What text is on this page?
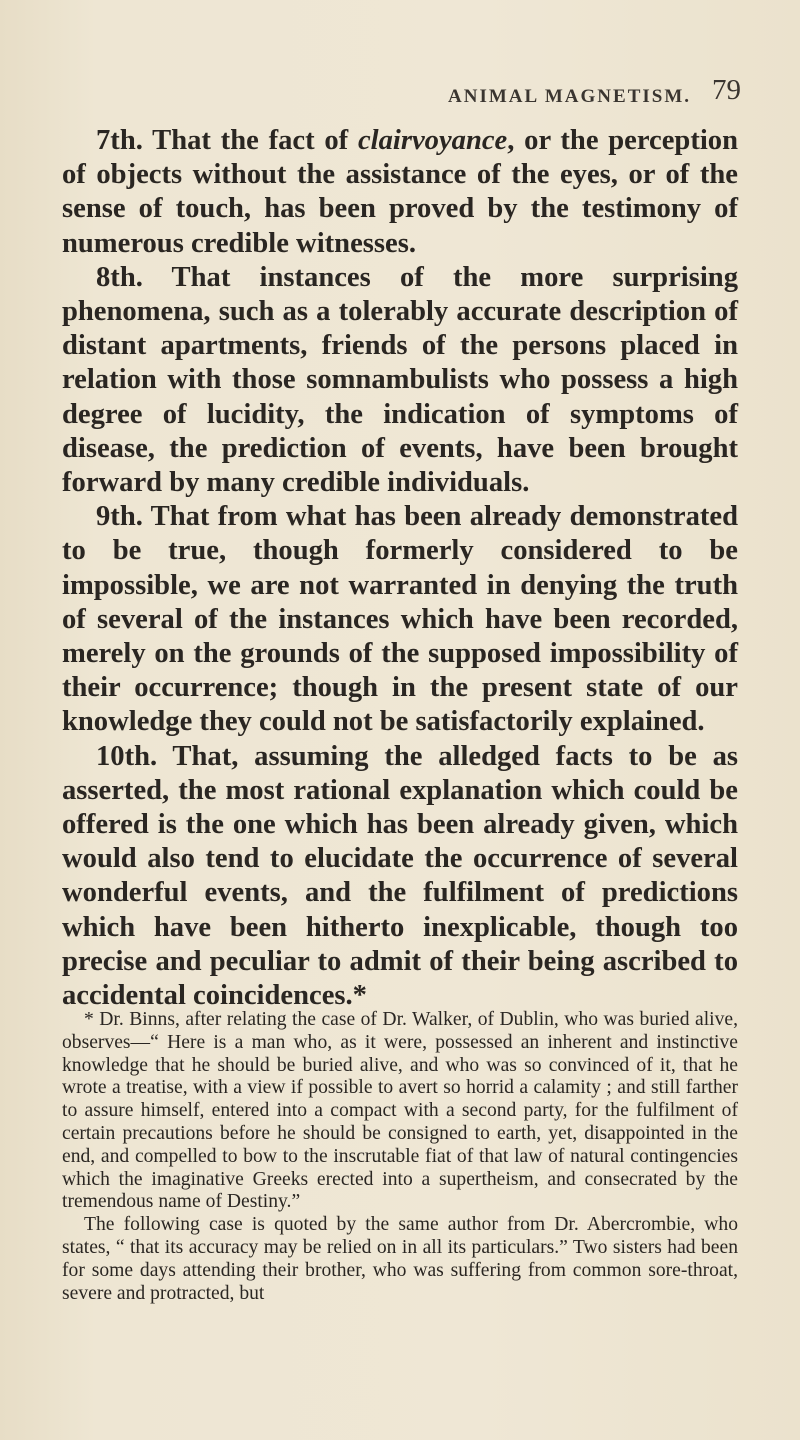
ANIMAL MAGNETISM. 79

7th. That the fact of clairvoyance, or the perception of objects without the assistance of the eyes, or of the sense of touch, has been proved by the testimony of numerous credible witnesses.

8th. That instances of the more surprising phenomena, such as a tolerably accurate description of distant apartments, friends of the persons placed in relation with those somnambulists who possess a high degree of lucidity, the indication of symptoms of disease, the prediction of events, have been brought forward by many credible individuals.

9th. That from what has been already demonstrated to be true, though formerly considered to be impossible, we are not warranted in denying the truth of several of the instances which have been recorded, merely on the grounds of the supposed impossibility of their occurrence; though in the present state of our knowledge they could not be satisfactorily explained.

10th. That, assuming the alledged facts to be as asserted, the most rational explanation which could be offered is the one which has been already given, which would also tend to elucidate the occurrence of several wonderful events, and the fulfilment of predictions which have been hitherto inexplicable, though too precise and peculiar to admit of their being ascribed to accidental coincidences.*

* Dr. Binns, after relating the case of Dr. Walker, of Dublin, who was buried alive, observes—“ Here is a man who, as it were, possessed an inherent and instinctive knowledge that he should be buried alive, and who was so convinced of it, that he wrote a treatise, with a view if possible to avert so horrid a calamity ; and still farther to assure himself, entered into a compact with a second party, for the fulfilment of certain precautions before he should be consigned to earth, yet, disappointed in the end, and compelled to bow to the inscrutable fiat of that law of natural contingencies which the imaginative Greeks erected into a supertheism, and consecrated by the tremendous name of Destiny.”

The following case is quoted by the same author from Dr. Abercrombie, who states, “ that its accuracy may be relied on in all its particulars.” Two sisters had been for some days attending their brother, who was suffering from common sore-throat, severe and protracted, but
